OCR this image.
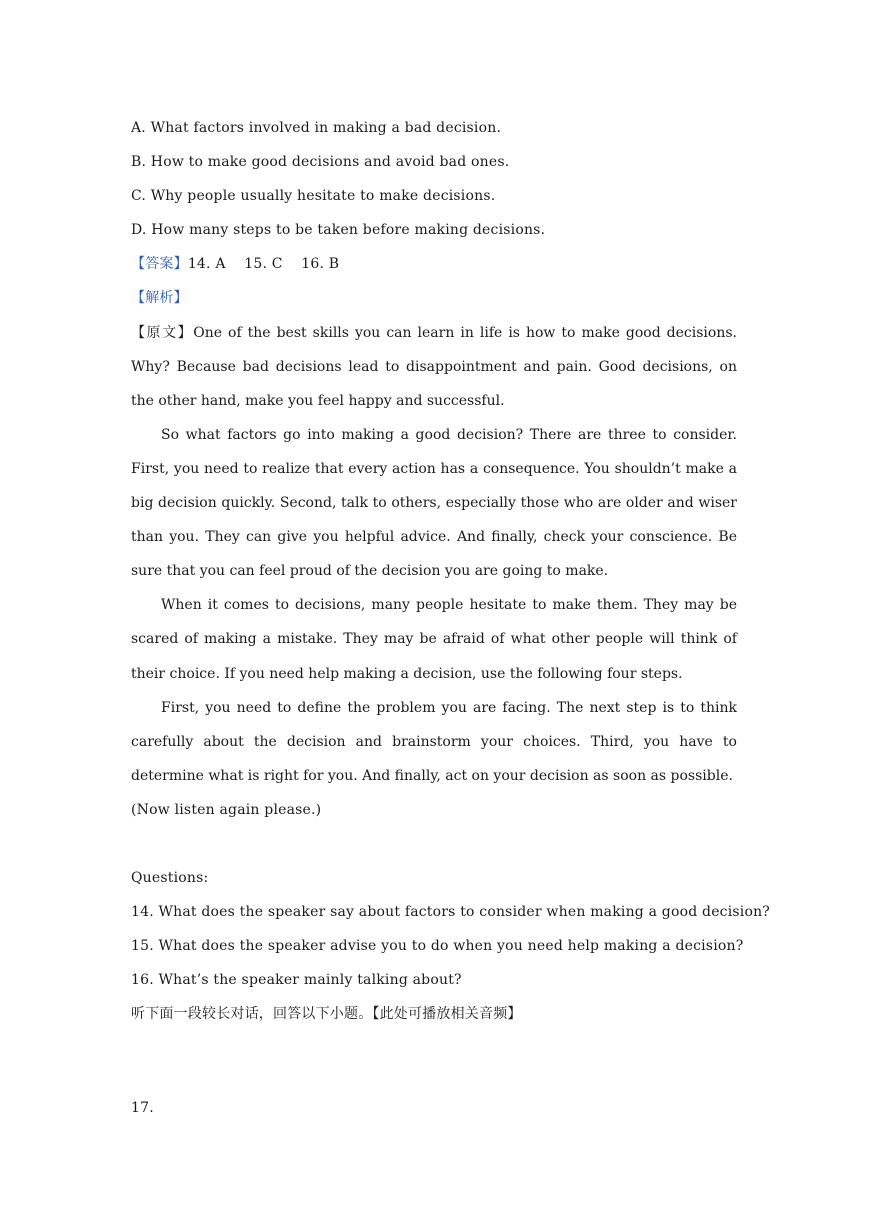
A. What factors involved in making a bad decision.
B. How to make good decisions and avoid bad ones.
C. Why people usually hesitate to make decisions.
D. How many steps to be taken before making decisions.
【答案】14. A    15. C    16. B
【解析】

【原文】One of the best skills you can learn in life is how to make good decisions. Why? Because bad decisions lead to disappointment and pain. Good decisions, on the other hand, make you feel happy and successful.

So what factors go into making a good decision? There are three to consider. First, you need to realize that every action has a consequence. You shouldn’t make a big decision quickly. Second, talk to others, especially those who are older and wiser than you. They can give you helpful advice. And finally, check your conscience. Be sure that you can feel proud of the decision you are going to make.

When it comes to decisions, many people hesitate to make them. They may be scared of making a mistake. They may be afraid of what other people will think of their choice. If you need help making a decision, use the following four steps.

First, you need to define the problem you are facing. The next step is to think carefully about the decision and brainstorm your choices. Third, you have to determine what is right for you. And finally, act on your decision as soon as possible.

(Now listen again please.)
Questions:
14. What does the speaker say about factors to consider when making a good decision?
15. What does the speaker advise you to do when you need help making a decision?
16. What’s the speaker mainly talking about?
听下面一段较长对话，回答以下小题。【此处可播放相关音频】
17.
